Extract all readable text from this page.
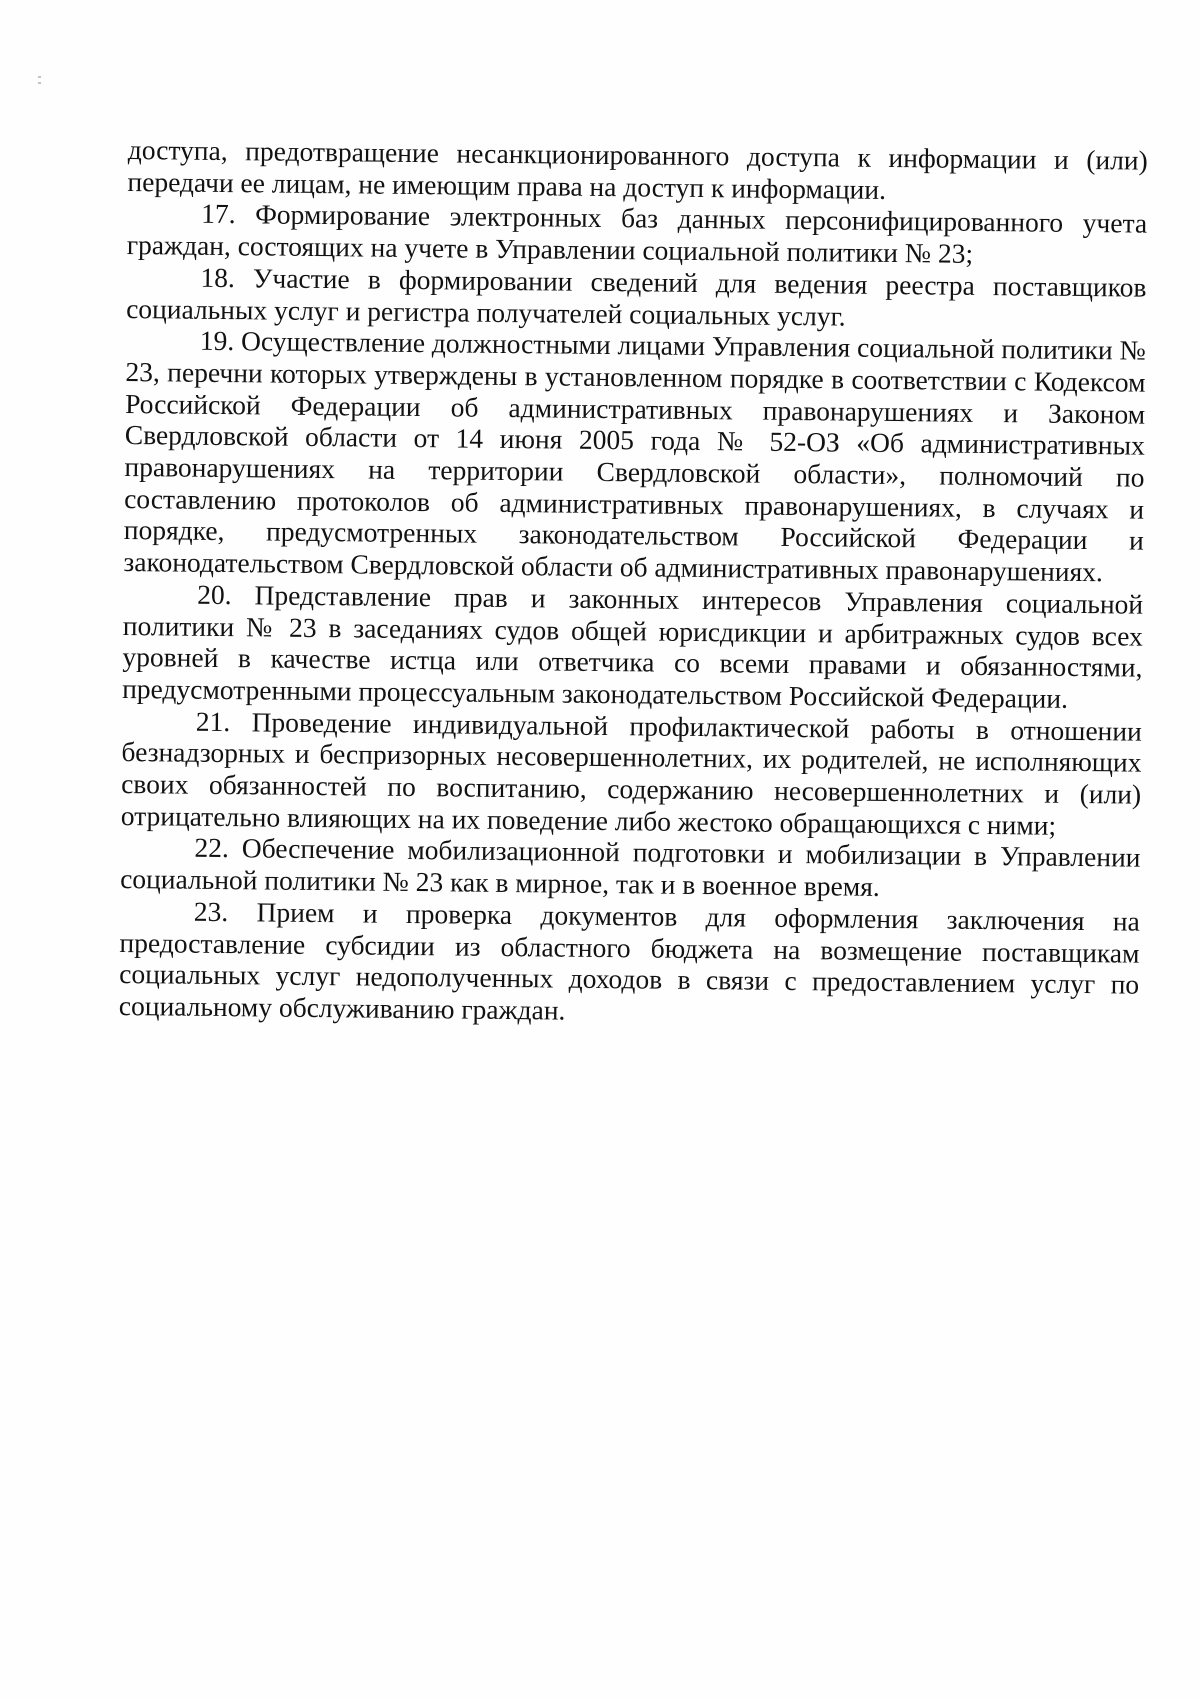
доступа, предотвращение несанкционированного доступа к информации и (или) передачи ее лицам, не имеющим права на доступ к информации.

17. Формирование электронных баз данных персонифицированного учета граждан, состоящих на учете в Управлении социальной политики № 23;

18. Участие в формировании сведений для ведения реестра поставщиков социальных услуг и регистра получателей социальных услуг.

19. Осуществление должностными лицами Управления социальной политики № 23, перечни которых утверждены в установленном порядке в соответствии с Кодексом Российской Федерации об административных правонарушениях и Законом Свердловской области от 14 июня 2005 года № 52-ОЗ «Об административных правонарушениях на территории Свердловской области», полномочий по составлению протоколов об административных правонарушениях, в случаях и порядке, предусмотренных законодательством Российской Федерации и законодательством Свердловской области об административных правонарушениях.

20. Представление прав и законных интересов Управления социальной политики № 23 в заседаниях судов общей юрисдикции и арбитражных судов всех уровней в качестве истца или ответчика со всеми правами и обязанностями, предусмотренными процессуальным законодательством Российской Федерации.

21. Проведение индивидуальной профилактической работы в отношении безнадзорных и беспризорных несовершеннолетних, их родителей, не исполняющих своих обязанностей по воспитанию, содержанию несовершеннолетних и (или) отрицательно влияющих на их поведение либо жестоко обращающихся с ними;

22. Обеспечение мобилизационной подготовки и мобилизации в Управлении социальной политики № 23 как в мирное, так и в военное время.

23. Прием и проверка документов для оформления заключения на предоставление субсидии из областного бюджета на возмещение поставщикам социальных услуг недополученных доходов в связи с предоставлением услуг по социальному обслуживанию граждан.
